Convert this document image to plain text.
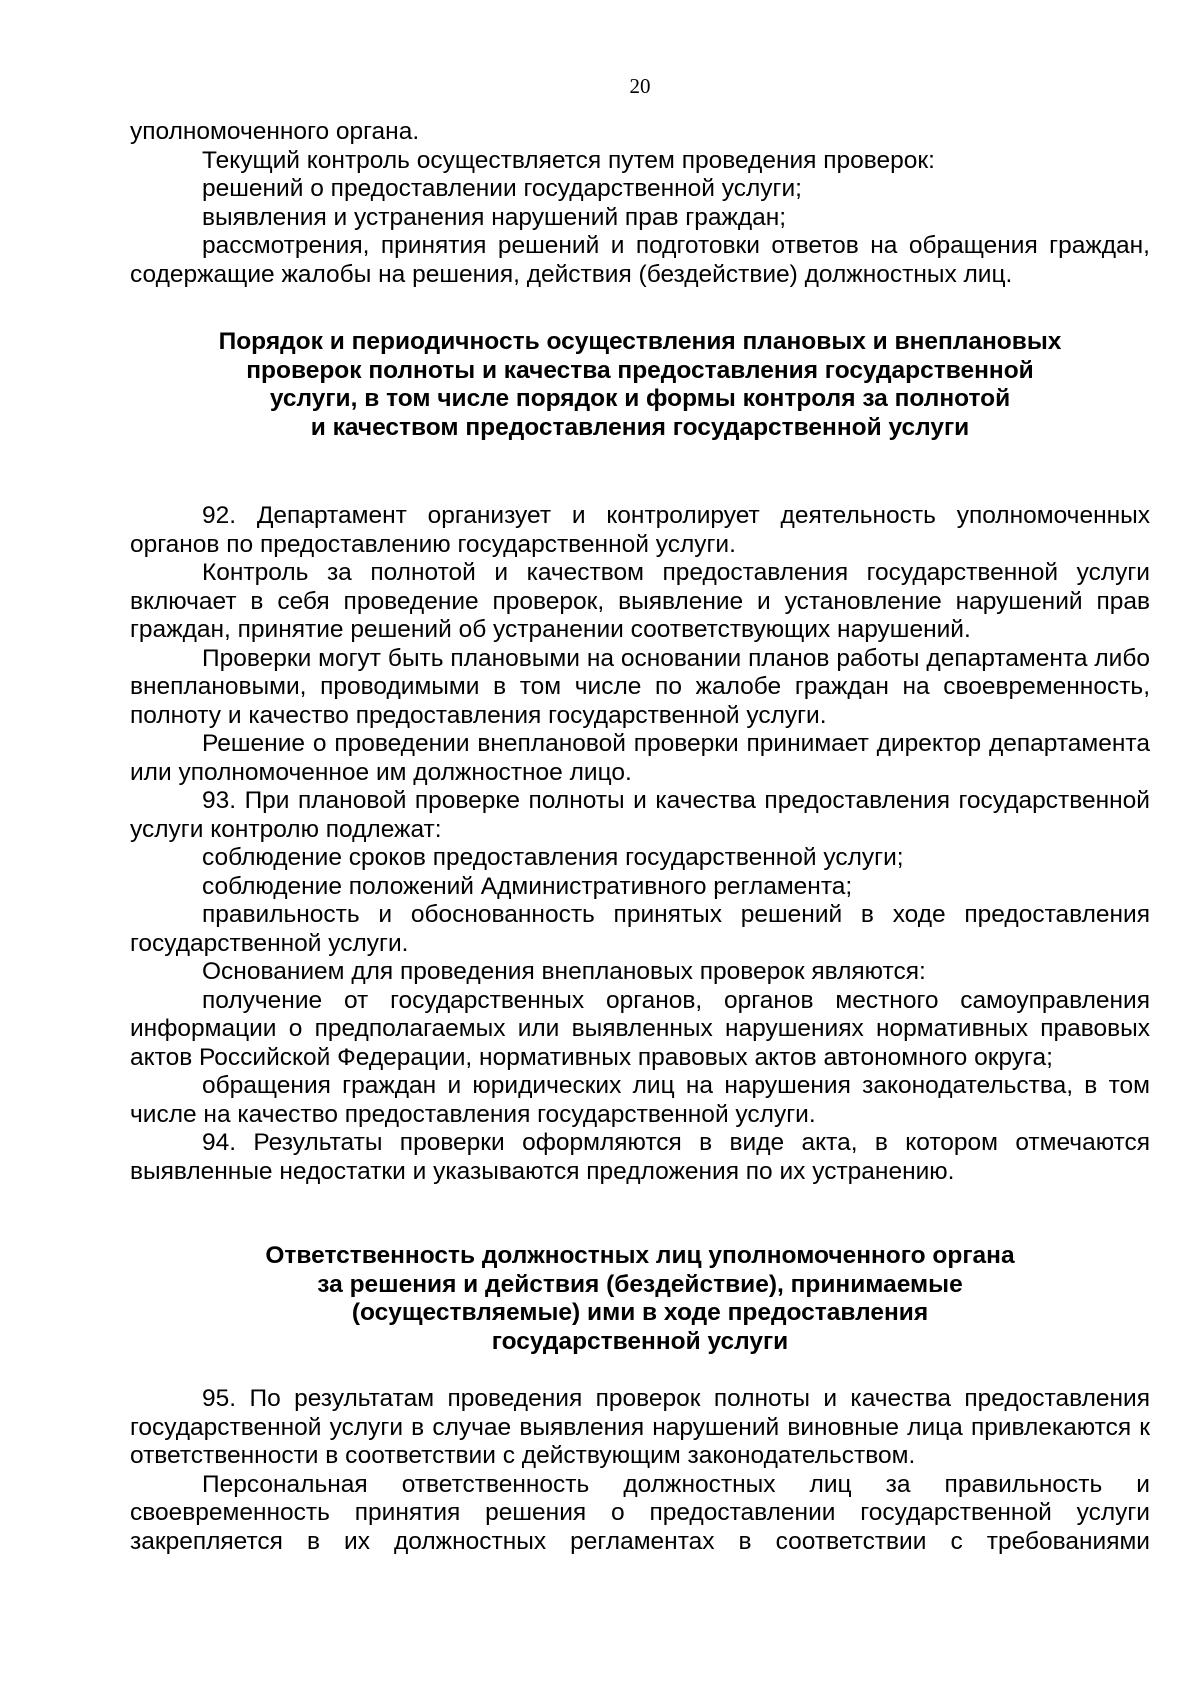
20

уполномоченного органа.

Текущий контроль осуществляется путем проведения проверок:

решений о предоставлении государственной услуги;

выявления и устранения нарушений прав граждан;

рассмотрения, принятия решений и подготовки ответов на обращения граждан, содержащие жалобы на решения, действия (бездействие) должностных лиц.

Порядок и периодичность осуществления плановых и внеплановых
проверок полноты и качества предоставления государственной
услуги, в том числе порядок и формы контроля за полнотой
и качеством предоставления государственной услуги

92. Департамент организует и контролирует деятельность уполномоченных органов по предоставлению государственной услуги.

Контроль за полнотой и качеством предоставления государственной услуги включает в себя проведение проверок, выявление и установление нарушений прав граждан, принятие решений об устранении соответствующих нарушений.

Проверки могут быть плановыми на основании планов работы департамента либо внеплановыми, проводимыми в том числе по жалобе граждан на своевременность, полноту и качество предоставления государственной услуги.

Решение о проведении внеплановой проверки принимает директор департамента или уполномоченное им должностное лицо.

93. При плановой проверке полноты и качества предоставления государственной услуги контролю подлежат:

соблюдение сроков предоставления государственной услуги;

соблюдение положений Административного регламента;

правильность и обоснованность принятых решений в ходе предоставления государственной услуги.

Основанием для проведения внеплановых проверок являются:

получение от государственных органов, органов местного самоуправления информации о предполагаемых или выявленных нарушениях нормативных правовых актов Российской Федерации, нормативных правовых актов автономного округа;

обращения граждан и юридических лиц на нарушения законодательства, в том числе на качество предоставления государственной услуги.

94. Результаты проверки оформляются в виде акта, в котором отмечаются выявленные недостатки и указываются предложения по их устранению.

Ответственность должностных лиц уполномоченного органа
за решения и действия (бездействие), принимаемые
(осуществляемые) ими в ходе предоставления
государственной услуги

95. По результатам проведения проверок полноты и качества предоставления государственной услуги в случае выявления нарушений виновные лица привлекаются к ответственности в соответствии с действующим законодательством.

Персональная ответственность должностных лиц за правильность и своевременность принятия решения о предоставлении государственной услуги закрепляется в их должностных регламентах в соответствии с требованиями
